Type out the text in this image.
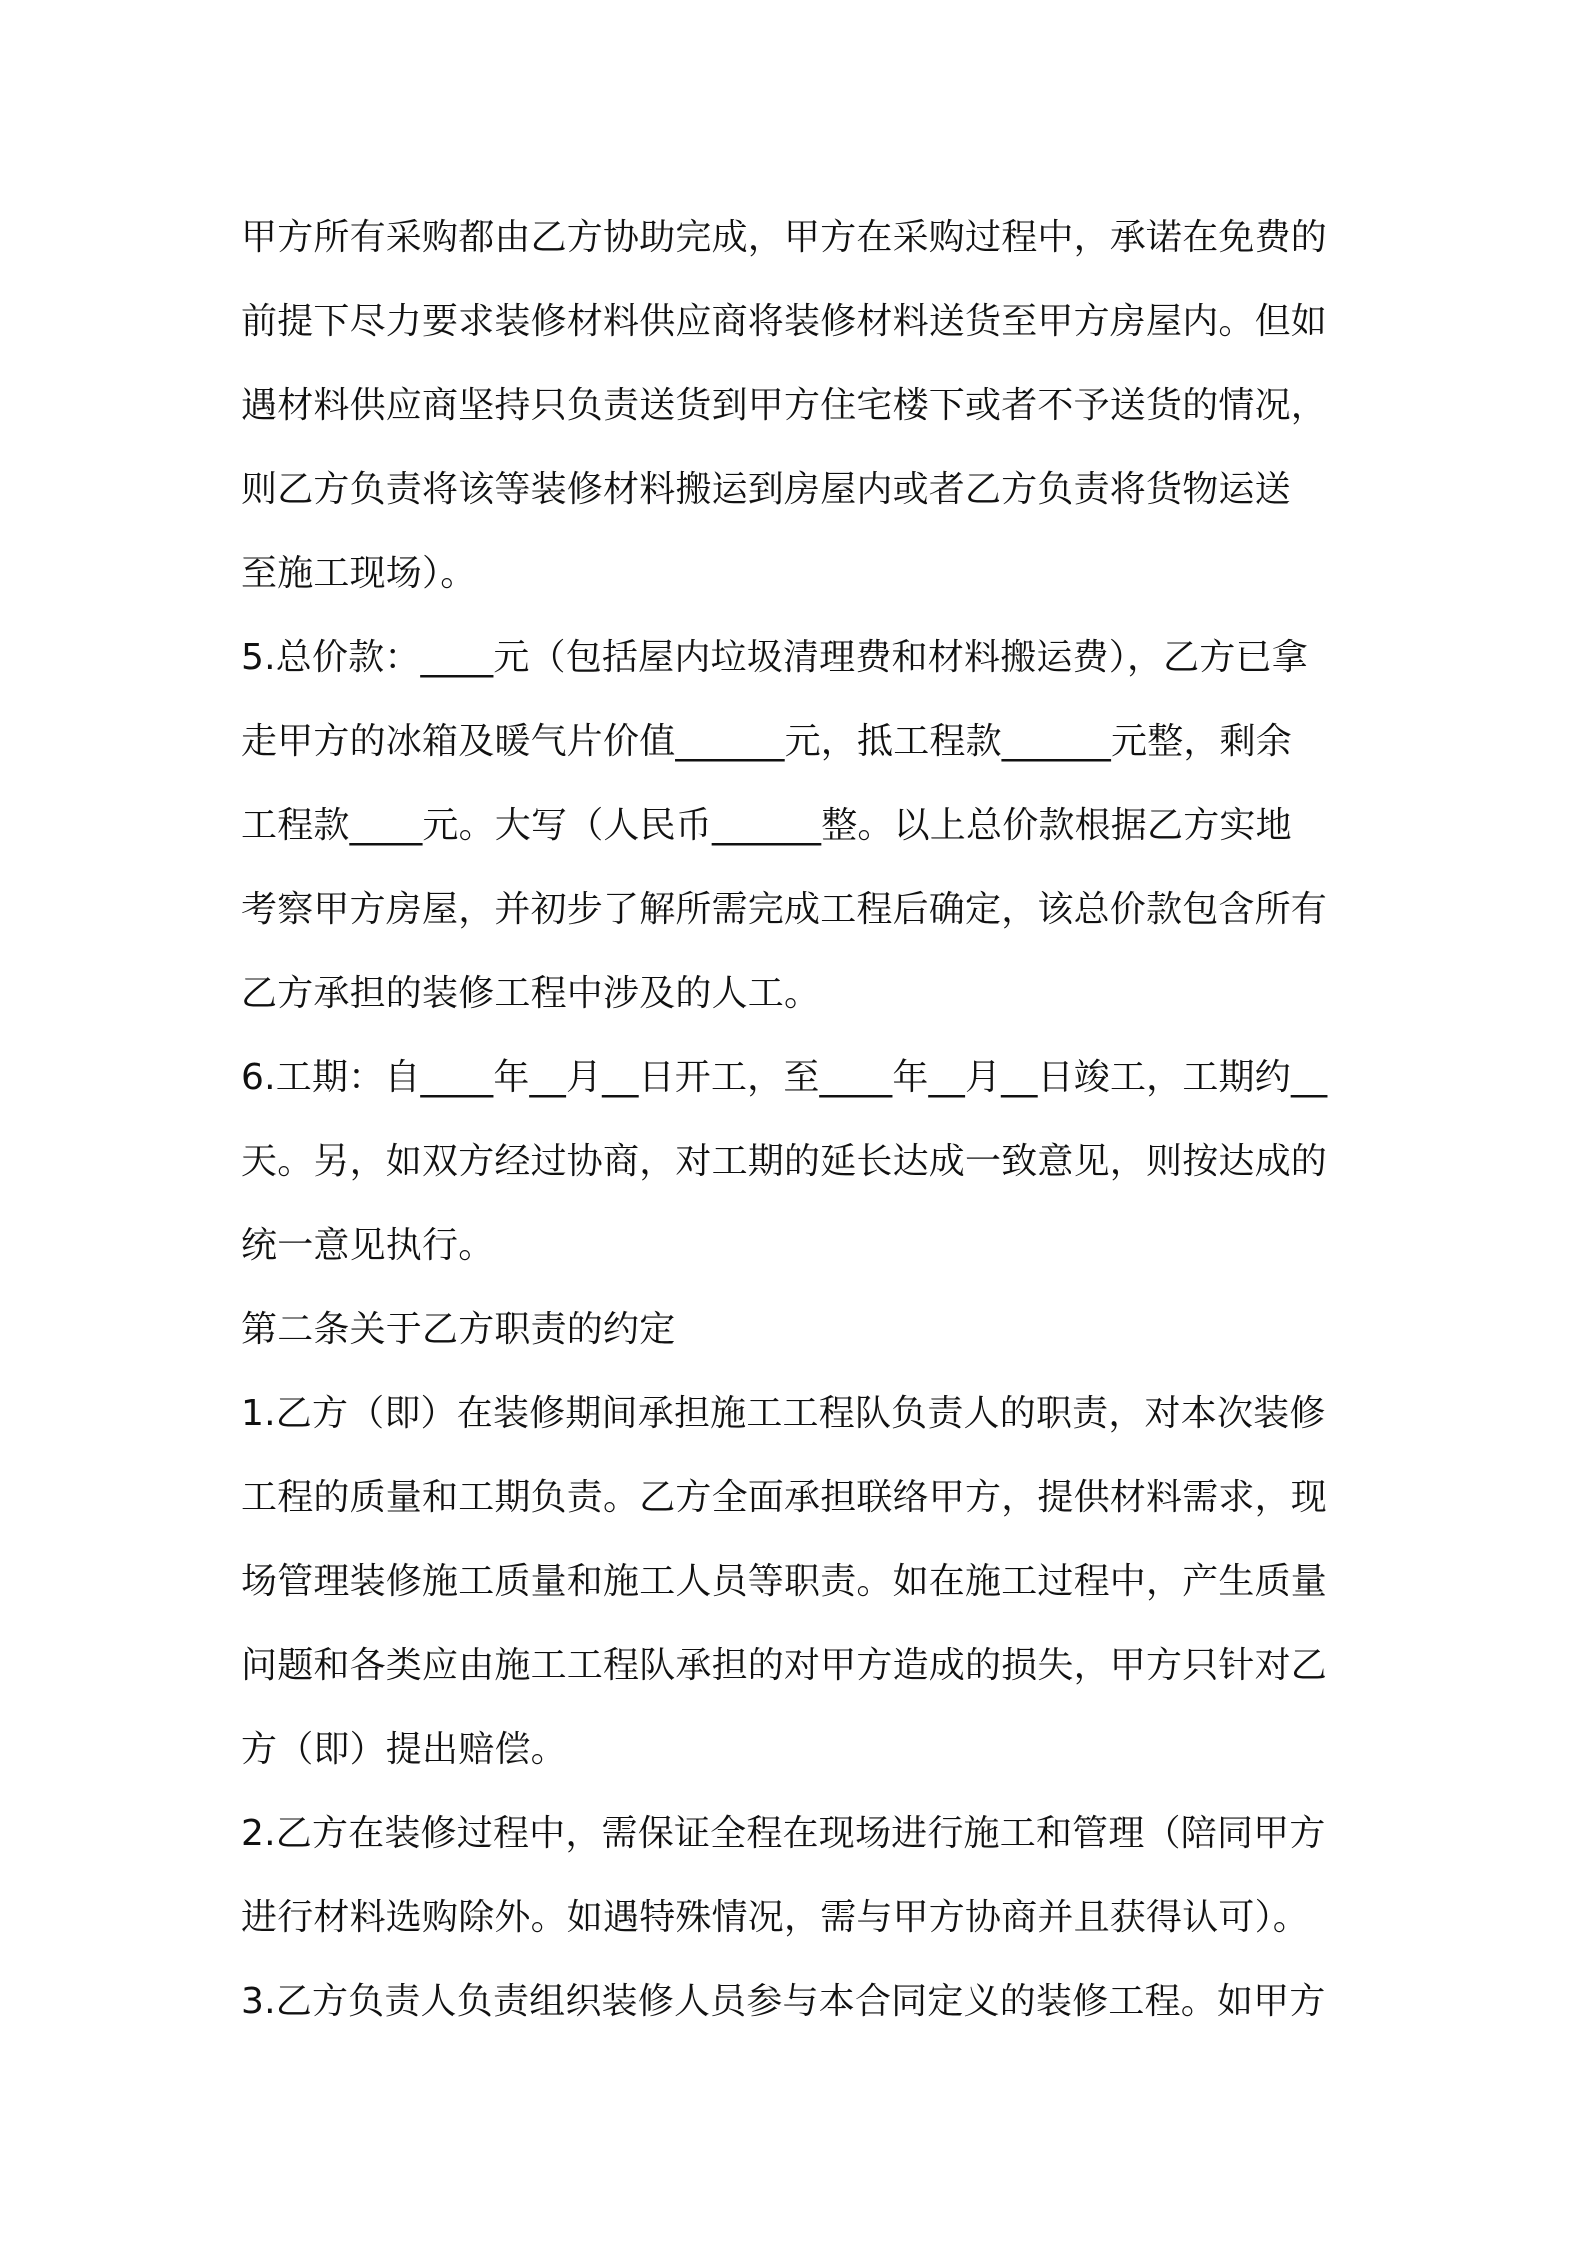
甲方所有采购都由乙方协助完成，甲方在采购过程中，承诺在免费的
前提下尽力要求装修材料供应商将装修材料送货至甲方房屋内。但如
遇材料供应商坚持只负责送货到甲方住宅楼下或者不予送货的情况，
则乙方负责将该等装修材料搬运到房屋内或者乙方负责将货物运送
至施工现场）。
5.总价款：____元（包括屋内垃圾清理费和材料搬运费），乙方已拿
走甲方的冰箱及暖气片价值______元，抵工程款______元整，剩余
工程款____元。大写（人民币______整。以上总价款根据乙方实地
考察甲方房屋，并初步了解所需完成工程后确定，该总价款包含所有
乙方承担的装修工程中涉及的人工。
6.工期：自____年__月__日开工，至____年__月__日竣工，工期约__
天。另，如双方经过协商，对工期的延长达成一致意见，则按达成的
统一意见执行。
第二条关于乙方职责的约定
1.乙方（即）在装修期间承担施工工程队负责人的职责，对本次装修
工程的质量和工期负责。乙方全面承担联络甲方，提供材料需求，现
场管理装修施工质量和施工人员等职责。如在施工过程中，产生质量
问题和各类应由施工工程队承担的对甲方造成的损失，甲方只针对乙
方（即）提出赔偿。
2.乙方在装修过程中，需保证全程在现场进行施工和管理（陪同甲方
进行材料选购除外。如遇特殊情况，需与甲方协商并且获得认可）。
3.乙方负责人负责组织装修人员参与本合同定义的装修工程。如甲方
